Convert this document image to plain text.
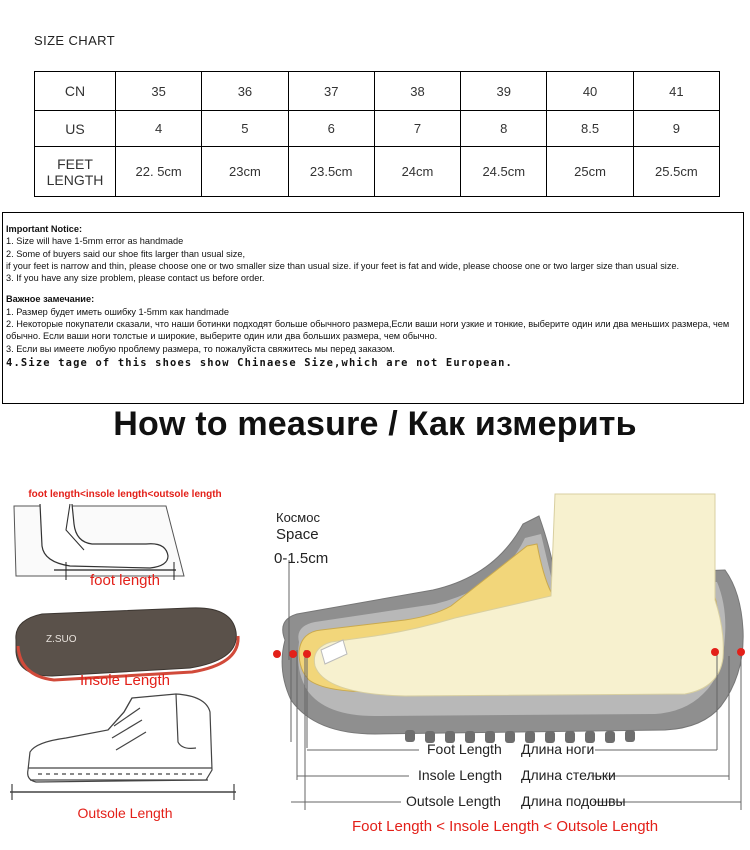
SIZE CHART
CN	35	36	37	38	39	40	41
US	4	5	6	7	8	8.5	9
FEET
LENGTH	22. 5cm	23cm	23.5cm	24cm	24.5cm	25cm	25.5cm
Important Notice:
1. Size will have 1-5mm error as handmade
2. Some of buyers said our shoe fits larger than usual size,
if your feet is narrow and thin, please choose one or two smaller size than usual size. if your feet is fat and wide, please choose one or two larger size than usual size.
3. If you have any size problem, please contact us before order.
Важное замечание:
1. Размер будет иметь ошибку 1-5mm как handmade
2. Некоторые покупатели сказали, что наши ботинки подходят больше обычного размера,Если ваши ноги узкие и тонкие, выберите один или два меньших размера, чем обычно. Если ваши ноги толстые и широкие, выберите один или два больших размера, чем обычно.
3. Если вы имеете любую проблему размера, то пожалуйста свяжитесь мы перед заказом.
4.Size tage of this shoes show Chinaese Size,which are not European.
How to measure / Как измерить
foot length<insole length<outsole length
Z.SUO
foot length
Insole Length
Outsole Length
Космос
Space
0-1.5cm
Foot Length Длина ноги
Insole Length Длина стельки
Outsole Length Длина подошвы
Foot Length < Insole Length < Outsole Length
